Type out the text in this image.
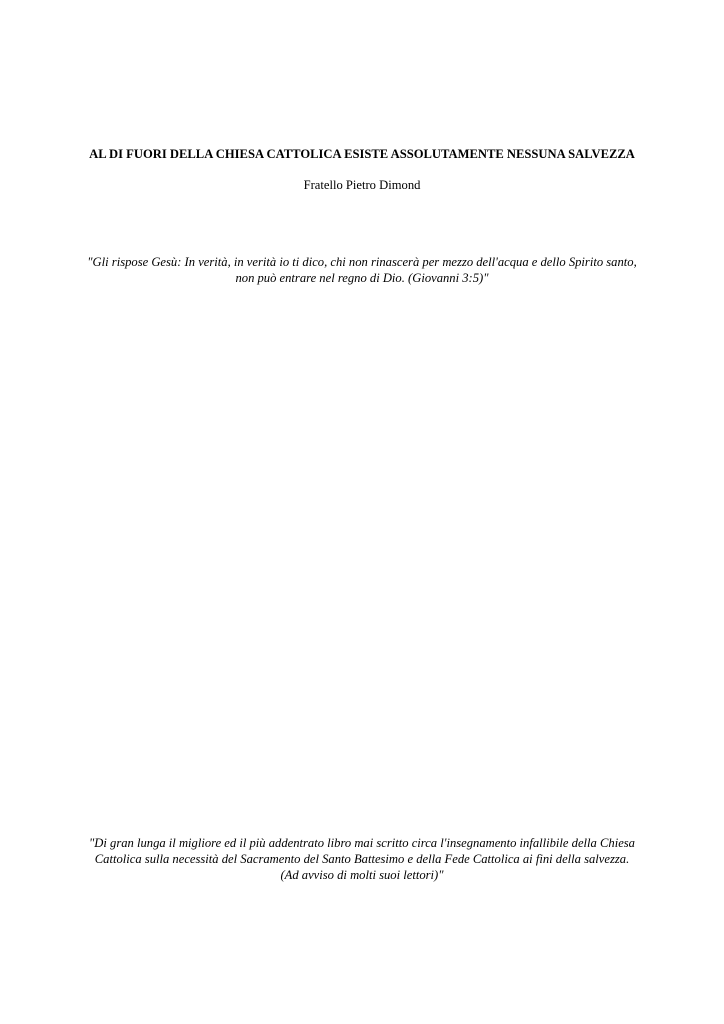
AL DI FUORI DELLA CHIESA CATTOLICA ESISTE ASSOLUTAMENTE NESSUNA SALVEZZA
Fratello Pietro Dimond
"Gli rispose Gesù: In verità, in verità io ti dico, chi non rinascerà per mezzo dell'acqua e dello Spirito santo,
non può entrare nel regno di Dio. (Giovanni 3:5)"
"Di gran lunga il migliore ed il più addentrato libro mai scritto circa l'insegnamento infallibile della Chiesa
Cattolica sulla necessità del Sacramento del Santo Battesimo e della Fede Cattolica ai fini della salvezza.
(Ad avviso di molti suoi lettori)"
